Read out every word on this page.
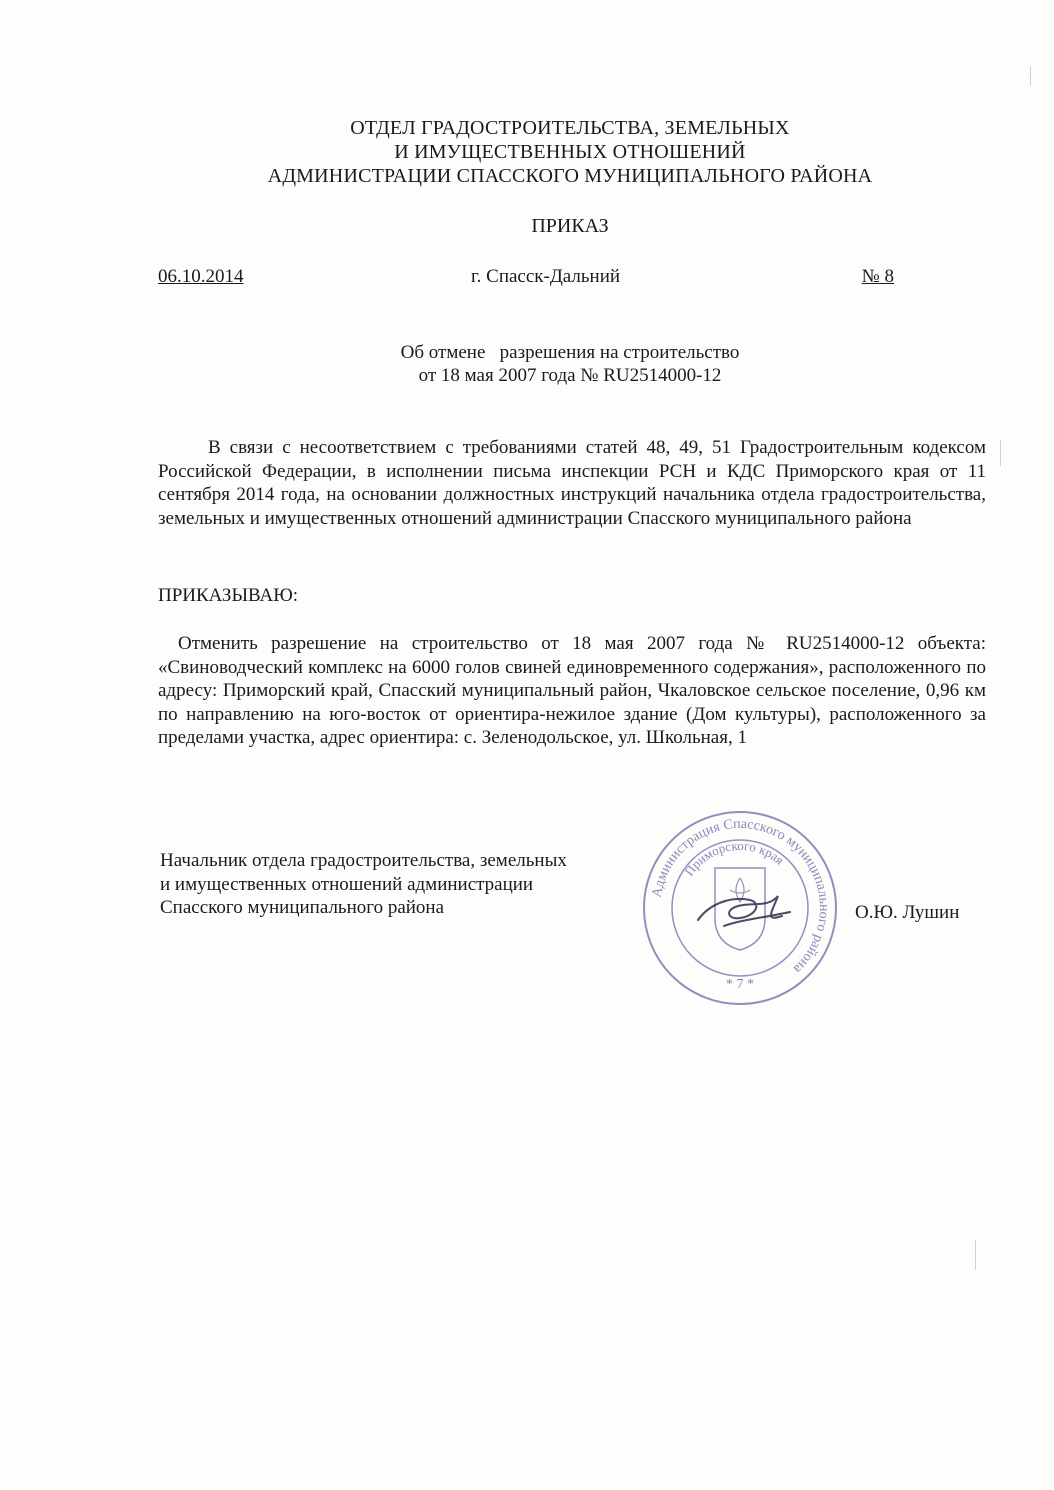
ОТДЕЛ ГРАДОСТРОИТЕЛЬСТВА, ЗЕМЕЛЬНЫХ
И ИМУЩЕСТВЕННЫХ ОТНОШЕНИЙ
АДМИНИСТРАЦИИ СПАССКОГО МУНИЦИПАЛЬНОГО РАЙОНА
ПРИКАЗ
06.10.2014	г. Спасск-Дальний	№ 8
Об отмене   разрешения на строительство
от 18 мая 2007 года № RU2514000-12

В связи с несоответствием с требованиями статей 48, 49, 51 Градостроительным кодексом Российской Федерации, в исполнении письма инспекции РСН и КДС Приморского края от 11 сентября 2014 года, на основании должностных инструкций начальника отдела градостроительства, земельных и имущественных отношений администрации Спасского муниципального района

ПРИКАЗЫВАЮ:

Отменить разрешение на строительство от 18 мая 2007 года № RU2514000-12 объекта: «Свиноводческий комплекс на 6000 голов свиней единовременного содержания», расположенного по адресу: Приморский край, Спасский муниципальный район, Чкаловское сельское поселение, 0,96 км по направлению на юго-восток от ориентира-нежилое здание (Дом культуры), расположенного за пределами участка, адрес ориентира: с. Зеленодольское, ул. Школьная, 1

Начальник отдела градостроительства, земельных
и имущественных отношений администрации
Спасского муниципального района	О.Ю. Лушин
Администрация Спасского муниципального района
Приморского края
* 7 *
